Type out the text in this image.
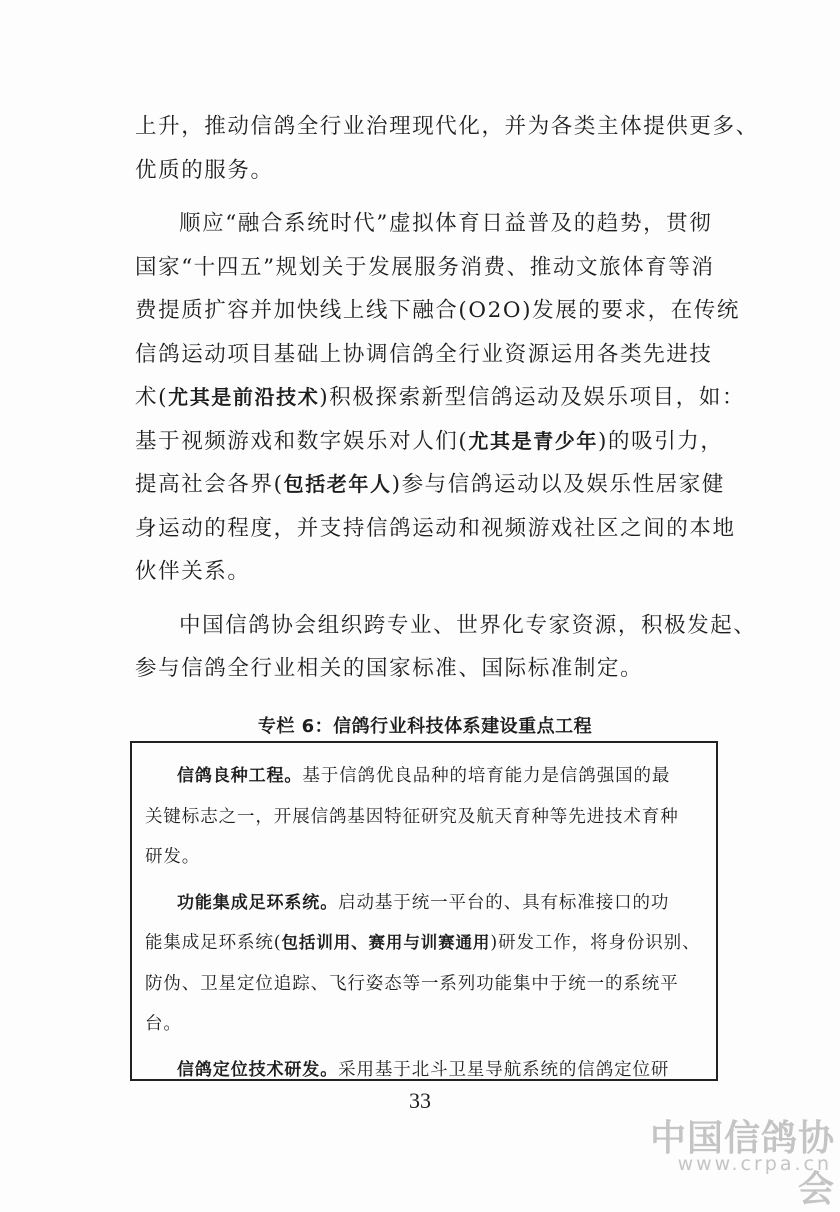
上升，推动信鸽全行业治理现代化，并为各类主体提供更多、
优质的服务。
顺应“融合系统时代”虚拟体育日益普及的趋势，贯彻
国家“十四五”规划关于发展服务消费、推动文旅体育等消
费提质扩容并加快线上线下融合(O2O)发展的要求，在传统
信鸽运动项目基础上协调信鸽全行业资源运用各类先进技
术(尤其是前沿技术)积极探索新型信鸽运动及娱乐项目，如：
基于视频游戏和数字娱乐对人们(尤其是青少年)的吸引力，
提高社会各界(包括老年人)参与信鸽运动以及娱乐性居家健
身运动的程度，并支持信鸽运动和视频游戏社区之间的本地
伙伴关系。
中国信鸽协会组织跨专业、世界化专家资源，积极发起、
参与信鸽全行业相关的国家标准、国际标准制定。
专栏 6：信鸽行业科技体系建设重点工程
信鸽良种工程。基于信鸽优良品种的培育能力是信鸽强国的最
关键标志之一，开展信鸽基因特征研究及航天育种等先进技术育种
研发。
功能集成足环系统。启动基于统一平台的、具有标准接口的功
能集成足环系统(包括训用、赛用与训赛通用)研发工作，将身份识别、
防伪、卫星定位追踪、飞行姿态等一系列功能集中于统一的系统平
台。
信鸽定位技术研发。采用基于北斗卫星导航系统的信鸽定位研
33
中国信鸽协会
www.crpa.cn
